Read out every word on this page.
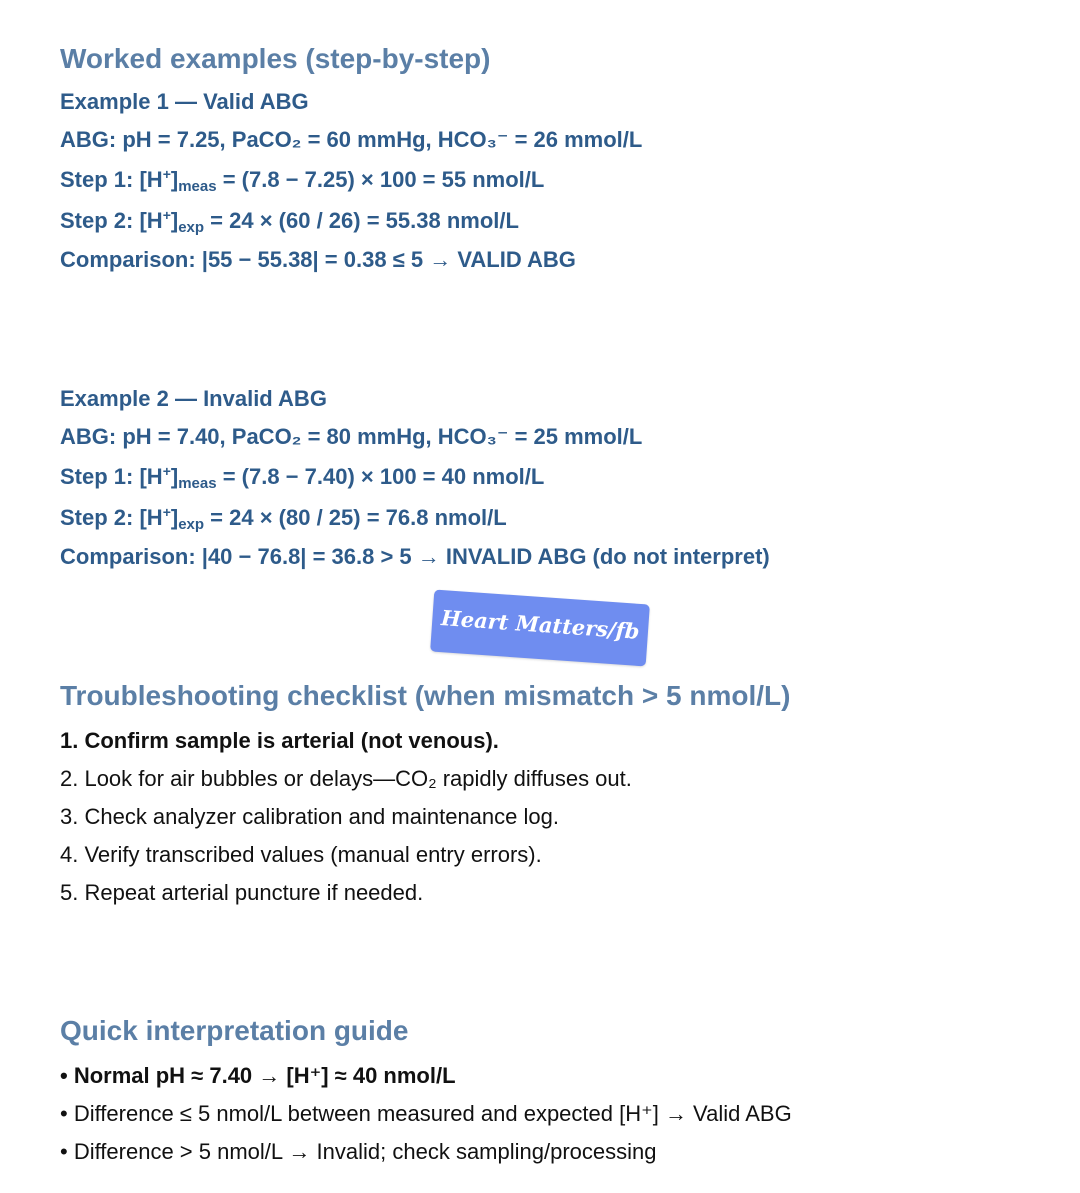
Worked examples (step-by-step)
Example 1 — Valid ABG
ABG: pH = 7.25, PaCO₂ = 60 mmHg, HCO₃⁻ = 26 mmol/L
Step 1: [H+]meas = (7.8 − 7.25) × 100 = 55 nmol/L
Step 2: [H+]exp = 24 × (60 / 26) = 55.38 nmol/L
Comparison: |55 − 55.38| = 0.38 ≤ 5 → VALID ABG
Example 2 — Invalid ABG
ABG: pH = 7.40, PaCO₂ = 80 mmHg, HCO₃⁻ = 25 mmol/L
Step 1: [H+]meas = (7.8 − 7.40) × 100 = 40 nmol/L
Step 2: [H+]exp = 24 × (80 / 25) = 76.8 nmol/L
Comparison: |40 − 76.8| = 36.8 > 5 → INVALID ABG (do not interpret)
Heart Matters/fb
Troubleshooting checklist (when mismatch > 5 nmol/L)
1. Confirm sample is arterial (not venous).
2. Look for air bubbles or delays—CO₂ rapidly diffuses out.
3. Check analyzer calibration and maintenance log.
4. Verify transcribed values (manual entry errors).
5. Repeat arterial puncture if needed.
Quick interpretation guide
• Normal pH ≈ 7.40 → [H⁺] ≈ 40 nmol/L
• Difference ≤ 5 nmol/L between measured and expected [H⁺] → Valid ABG
• Difference > 5 nmol/L → Invalid; check sampling/processing
